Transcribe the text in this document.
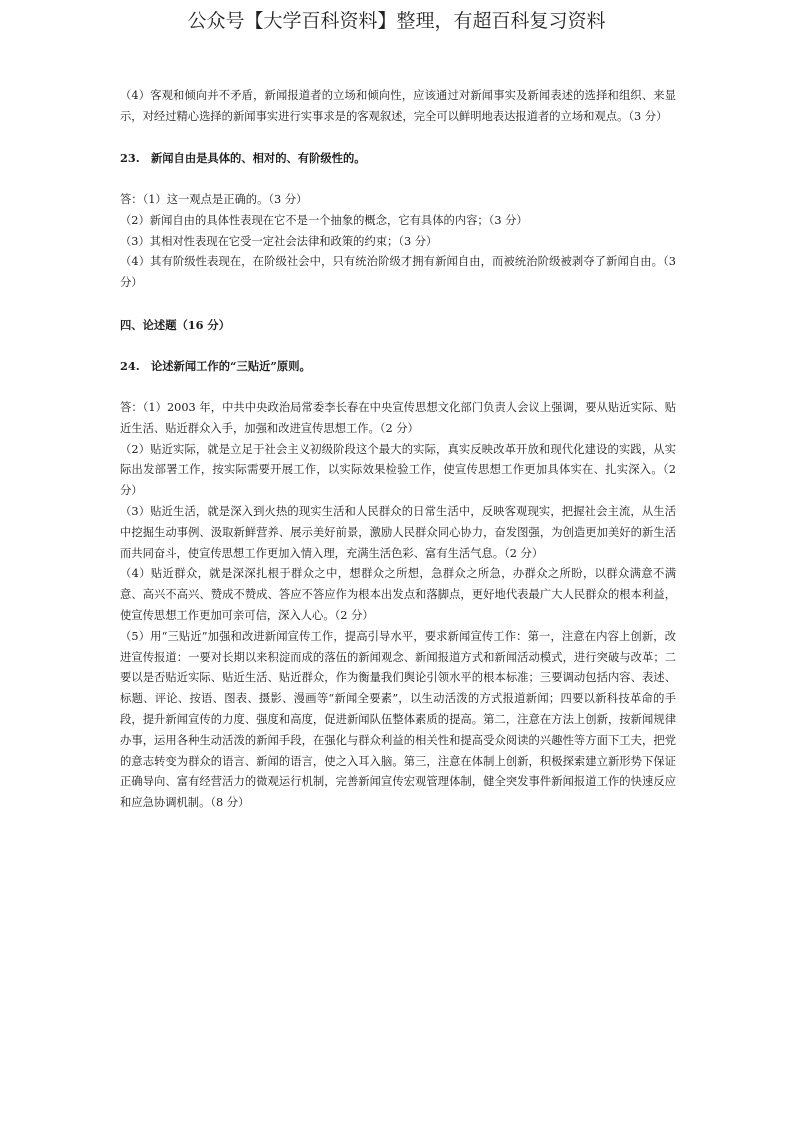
公众号【大学百科资料】整理，有超百科复习资料

（4）客观和倾向并不矛盾，新闻报道者的立场和倾向性，应该通过对新闻事实及新闻表述的选择和组织、来显示，对经过精心选择的新闻事实进行实事求是的客观叙述，完全可以鲜明地表达报道者的立场和观点。（3 分）

23.　新闻自由是具体的、相对的、有阶级性的。

答：（1）这一观点是正确的。（3 分）

（2）新闻自由的具体性表现在它不是一个抽象的概念，它有具体的内容；（3 分）

（3）其相对性表现在它受一定社会法律和政策的约束；（3 分）

（4）其有阶级性表现在，在阶级社会中，只有统治阶级才拥有新闻自由，而被统治阶级被剥夺了新闻自由。（3 分）

四、论述题（16 分）

24.　论述新闻工作的“三贴近”原则。

答：（1）2003 年，中共中央政治局常委李长春在中央宣传思想文化部门负责人会议上强调，要从贴近实际、贴近生活、贴近群众入手，加强和改进宣传思想工作。（2 分）

（2）贴近实际，就是立足于社会主义初级阶段这个最大的实际，真实反映改革开放和现代化建设的实践，从实际出发部署工作，按实际需要开展工作，以实际效果检验工作，使宣传思想工作更加具体实在、扎实深入。（2 分）

（3）贴近生活，就是深入到火热的现实生活和人民群众的日常生活中，反映客观现实，把握社会主流，从生活中挖掘生动事例、汲取新鲜营养、展示美好前景，激励人民群众同心协力，奋发图强，为创造更加美好的新生活而共同奋斗，使宣传思想工作更加入情入理，充满生活色彩、富有生活气息。（2 分）

（4）贴近群众，就是深深扎根于群众之中，想群众之所想，急群众之所急，办群众之所盼，以群众满意不满意、高兴不高兴、赞成不赞成、答应不答应作为根本出发点和落脚点，更好地代表最广大人民群众的根本利益，使宣传思想工作更加可亲可信，深入人心。（2 分）

（5）用“三贴近”加强和改进新闻宣传工作，提高引导水平，要求新闻宣传工作：第一，注意在内容上创新，改进宣传报道：一要对长期以来积淀而成的落伍的新闻观念、新闻报道方式和新闻活动模式，进行突破与改革；二要以是否贴近实际、贴近生活、贴近群众，作为衡量我们舆论引领水平的根本标准；三要调动包括内容、表述、标题、评论、按语、图表、摄影、漫画等“新闻全要素”，以生动活泼的方式报道新闻；四要以新科技革命的手段，提升新闻宣传的力度、强度和高度，促进新闻队伍整体素质的提高。第二，注意在方法上创新，按新闻规律办事，运用各种生动活泼的新闻手段，在强化与群众利益的相关性和提高受众阅读的兴趣性等方面下工夫，把党的意志转变为群众的语言、新闻的语言，使之入耳入脑。第三，注意在体制上创新，积极探索建立新形势下保证正确导向、富有经营活力的微观运行机制，完善新闻宣传宏观管理体制，健全突发事件新闻报道工作的快速反应和应急协调机制。（8 分）
